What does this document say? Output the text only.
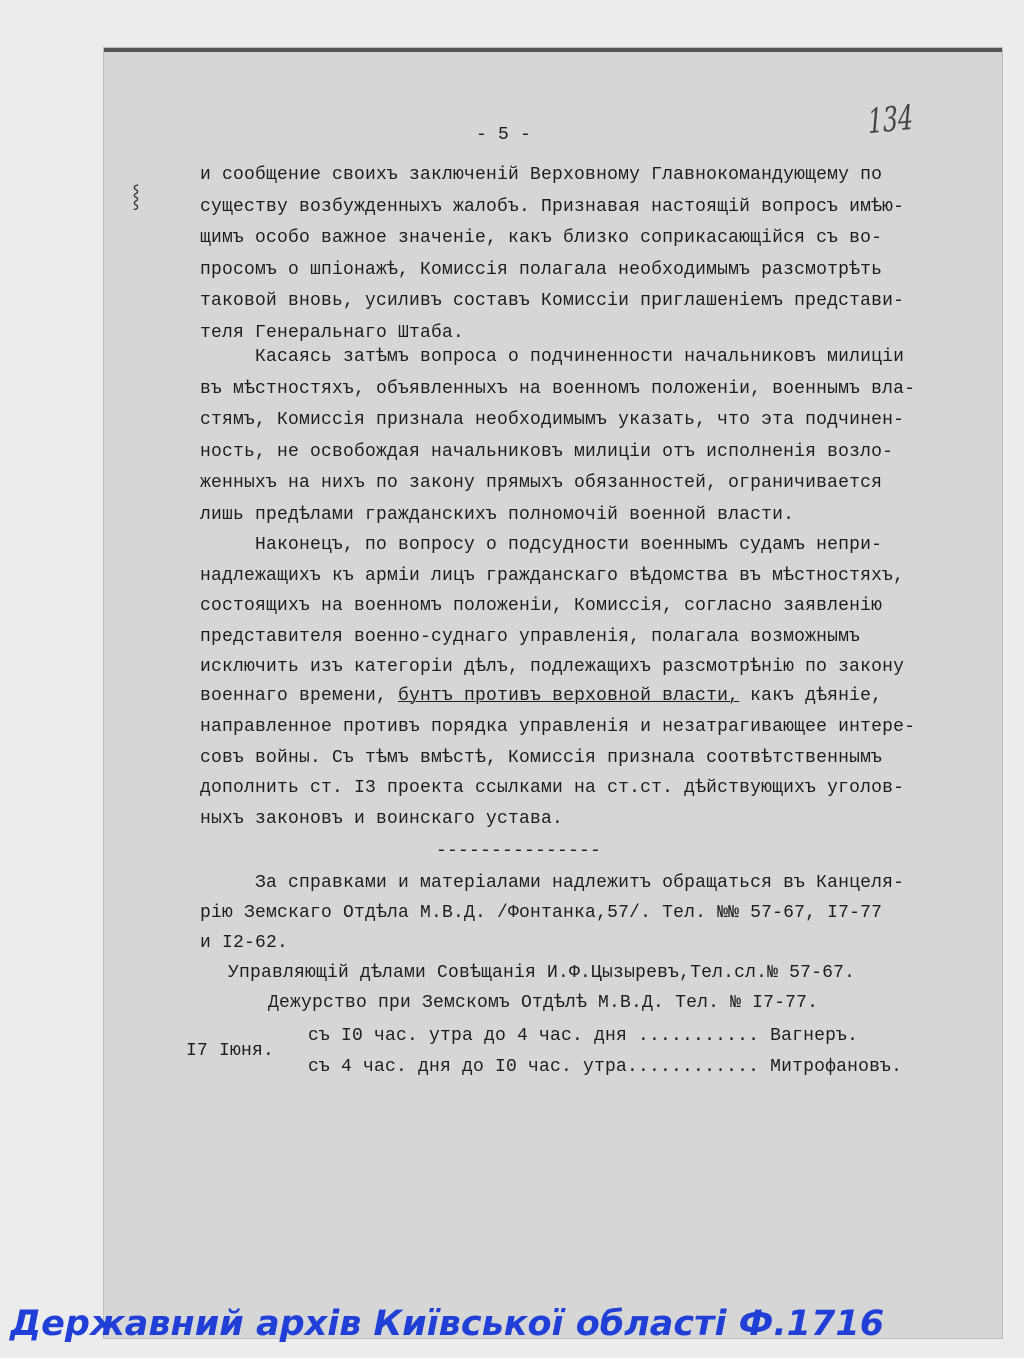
134
⸾
- 5 -
и сообщение своихъ заключеній Верховному Главнокомандующему по
существу возбужденныхъ жалобъ. Признавая настоящій вопросъ имѣю-
щимъ особо важное значеніе, какъ близко соприкасающійся съ во-
просомъ о шпіонажѣ, Комиссія полагала необходимымъ разсмотрѣть
таковой вновь, усиливъ составъ Комиссіи приглашеніемъ представи-
теля Генеральнаго Штаба.
Касаясь затѣмъ вопроса о подчиненности начальниковъ милиціи
въ мѣстностяхъ, объявленныхъ на военномъ положеніи, военнымъ вла-
стямъ, Комиссія признала необходимымъ указать, что эта подчинен-
ность, не освобождая начальниковъ милиціи отъ исполненія возло-
женныхъ на нихъ по закону прямыхъ обязанностей, ограничивается
лишь предѣлами гражданскихъ полномочій военной власти.
Наконецъ, по вопросу о подсудности военнымъ судамъ непри-
надлежащихъ къ арміи лицъ гражданскаго вѣдомства въ мѣстностяхъ,
состоящихъ на военномъ положеніи, Комиссія, согласно заявленію
представителя военно-суднаго управленія, полагала возможнымъ
исключить изъ категоріи дѣлъ, подлежащихъ разсмотрѣнію по закону
военнаго времени, бунтъ противъ верховной власти, какъ дѣяніе,
направленное противъ порядка управленія и незатрагивающее интере-
совъ войны. Съ тѣмъ вмѣстѣ, Комиссія признала соотвѣтственнымъ
дополнить ст. I3 проекта ссылками на ст.ст. дѣйствующихъ уголов-
ныхъ законовъ и воинскаго устава.
---------------
За справками и матеріалами надлежитъ обращаться въ Канцеля-
рію Земскаго Отдѣла М.В.Д. /Фонтанка,57/. Тел. №№ 57-67, I7-77
и I2-62.
Управляющій дѣлами Совѣщанія И.Ф.Цызыревъ,Тел.сл.№ 57-67.
Дежурство при Земскомъ Отдѣлѣ М.В.Д. Тел. № I7-77.
I7 Іюня.
съ I0 час. утра до 4 час. дня ........... Вагнеръ.
съ 4 час. дня до I0 час. утра............ Митрофановъ.
Державний архів Київської області Ф.1716
